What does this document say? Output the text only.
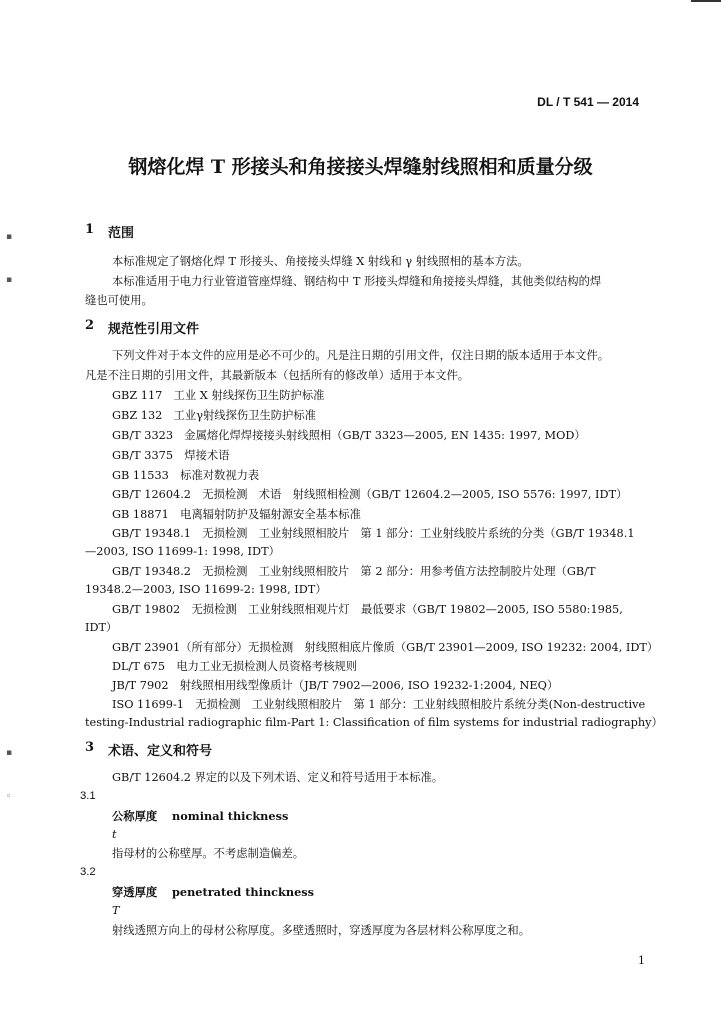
DL / T 541 — 2014
钢熔化焊 T 形接头和角接接头焊缝射线照相和质量分级
▪
▪
▪
◦
1 范围
本标准规定了钢熔化焊 T 形接头、角接接头焊缝 X 射线和 γ 射线照相的基本方法。
本标准适用于电力行业管道管座焊缝、钢结构中 T 形接头焊缝和角接接头焊缝，其他类似结构的焊
缝也可使用。
2 规范性引用文件
下列文件对于本文件的应用是必不可少的。凡是注日期的引用文件，仅注日期的版本适用于本文件。
凡是不注日期的引用文件，其最新版本（包括所有的修改单）适用于本文件。
GBZ 117　工业 X 射线探伤卫生防护标准
GBZ 132　工业γ射线探伤卫生防护标准
GB/T 3323　金属熔化焊焊接接头射线照相（GB/T 3323—2005, EN 1435: 1997, MOD）
GB/T 3375　焊接术语
GB 11533　标准对数视力表
GB/T 12604.2　无损检测　术语　射线照相检测（GB/T 12604.2—2005, ISO 5576: 1997, IDT）
GB 18871　电离辐射防护及辐射源安全基本标准
GB/T 19348.1　无损检测　工业射线照相胶片　第 1 部分：工业射线胶片系统的分类（GB/T 19348.1
—2003, ISO 11699-1: 1998, IDT）
GB/T 19348.2　无损检测　工业射线照相胶片　第 2 部分：用参考值方法控制胶片处理（GB/T
19348.2—2003, ISO 11699-2: 1998, IDT）
GB/T 19802　无损检测　工业射线照相观片灯　最低要求（GB/T 19802—2005, ISO 5580:1985,
IDT）
GB/T 23901（所有部分）无损检测　射线照相底片像质（GB/T 23901—2009, ISO 19232: 2004, IDT）
DL/T 675　电力工业无损检测人员资格考核规则
JB/T 7902　射线照相用线型像质计（JB/T 7902—2006, ISO 19232-1:2004, NEQ）
ISO 11699-1　无损检测　工业射线照相胶片　第 1 部分：工业射线照相胶片系统分类(Non-destructive
testing-Industrial radiographic film-Part 1: Classification of film systems for industrial radiography）
3 术语、定义和符号
GB/T 12604.2 界定的以及下列术语、定义和符号适用于本标准。
3.1
公称厚度 nominal thickness
t
指母材的公称壁厚。不考虑制造偏差。
3.2
穿透厚度 penetrated thinckness
T
射线透照方向上的母材公称厚度。多壁透照时，穿透厚度为各层材料公称厚度之和。
1
